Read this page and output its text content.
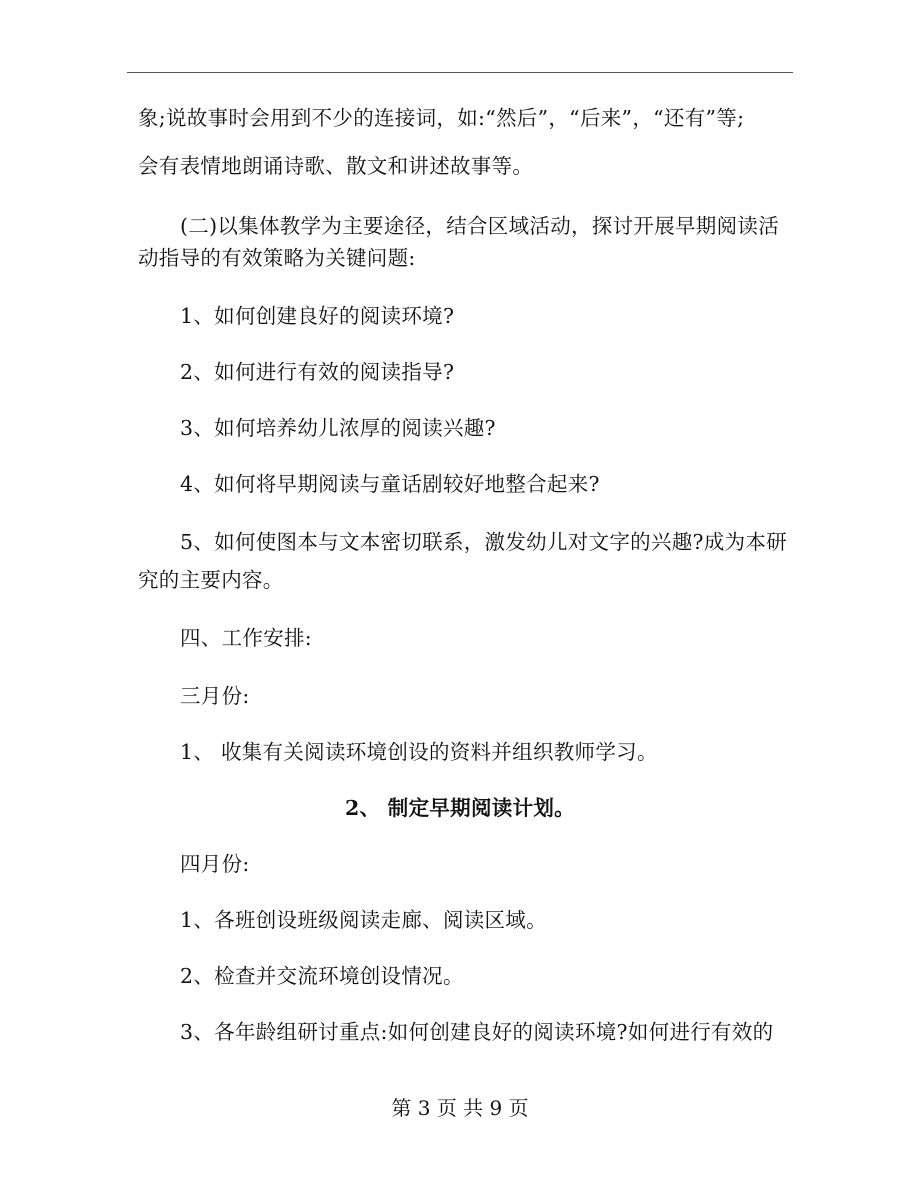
象;说故事时会用到不少的连接词，如:“然后”，“后来”，“还有”等;
会有表情地朗诵诗歌、散文和讲述故事等。
(二)以集体教学为主要途径，结合区域活动，探讨开展早期阅读活
动指导的有效策略为关键问题:
1、如何创建良好的阅读环境?
2、如何进行有效的阅读指导?
3、如何培养幼儿浓厚的阅读兴趣?
4、如何将早期阅读与童话剧较好地整合起来?
5、如何使图本与文本密切联系，激发幼儿对文字的兴趣?成为本研
究的主要内容。
四、工作安排:
三月份:
1、 收集有关阅读环境创设的资料并组织教师学习。
2、 制定早期阅读计划。
四月份:
1、各班创设班级阅读走廊、阅读区域。
2、检查并交流环境创设情况。
3、各年龄组研讨重点:如何创建良好的阅读环境?如何进行有效的
第 3 页 共 9 页
